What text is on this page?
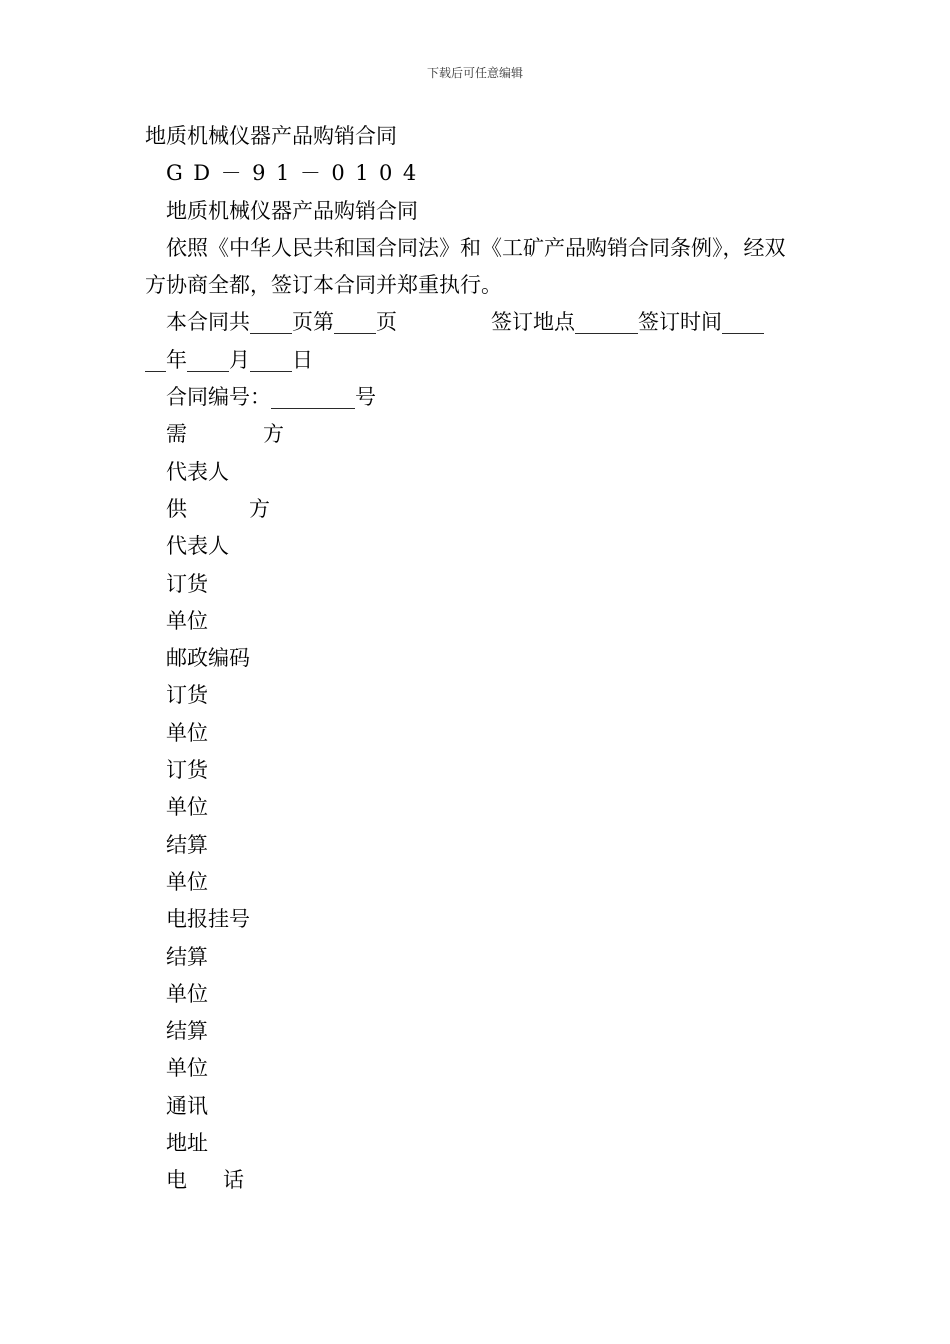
下载后可任意编辑
地质机械仪器产品购销合同
GD－91－0104
地质机械仪器产品购销合同
依照《中华人民共和国合同法》和《工矿产品购销合同条例》，经双方协商全都，签订本合同并郑重执行。
本合同共____页第____页	签订地点______签订时间____
__年____月____日
合同编号：________号
需	方
代表人
供	方
代表人
订货
单位
邮政编码
订货
单位
订货
单位
结算
单位
电报挂号
结算
单位
结算
单位
通讯
地址
电 话
